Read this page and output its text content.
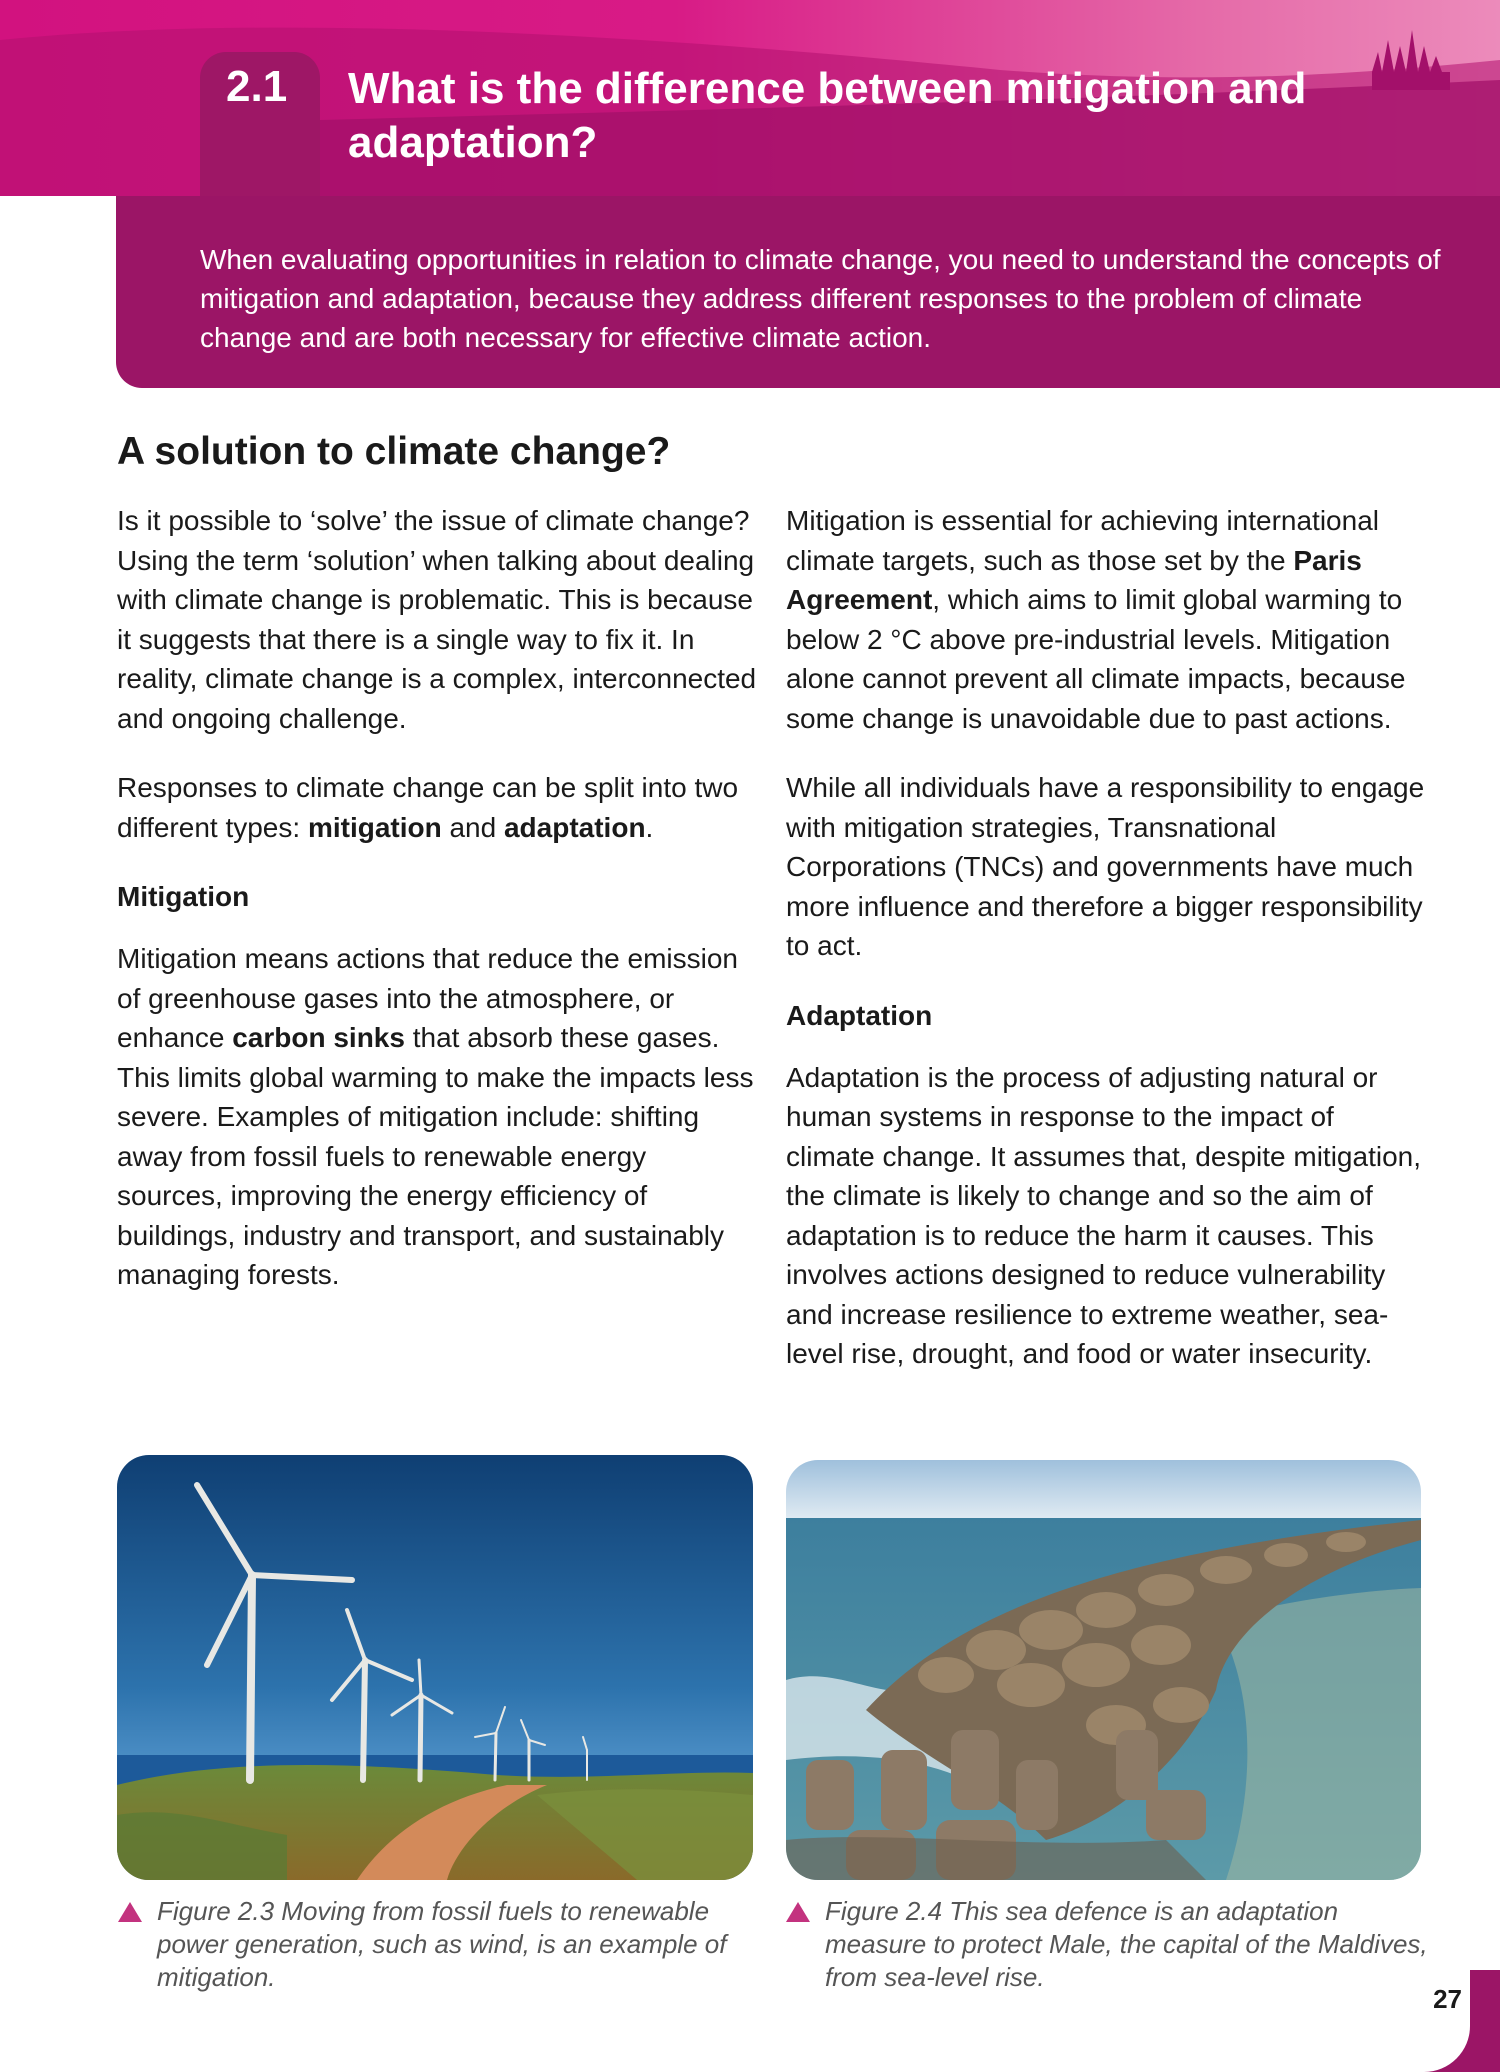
2.1 What is the difference between mitigation and adaptation?
When evaluating opportunities in relation to climate change, you need to understand the concepts of mitigation and adaptation, because they address different responses to the problem of climate change and are both necessary for effective climate action.
A solution to climate change?

Is it possible to ‘solve’ the issue of climate change? Using the term ‘solution’ when talking about dealing with climate change is problematic. This is because it suggests that there is a single way to fix it. In reality, climate change is a complex, interconnected and ongoing challenge.

Responses to climate change can be split into two different types: mitigation and adaptation.

Mitigation

Mitigation means actions that reduce the emission of greenhouse gases into the atmosphere, or enhance carbon sinks that absorb these gases. This limits global warming to make the impacts less severe. Examples of mitigation include: shifting away from fossil fuels to renewable energy sources, improving the energy efficiency of buildings, industry and transport, and sustainably managing forests.

Mitigation is essential for achieving international climate targets, such as those set by the Paris Agreement, which aims to limit global warming to below 2 °C above pre-industrial levels. Mitigation alone cannot prevent all climate impacts, because some change is unavoidable due to past actions.

While all individuals have a responsibility to engage with mitigation strategies, Transnational Corporations (TNCs) and governments have much more influence and therefore a bigger responsibility to act.

Adaptation

Adaptation is the process of adjusting natural or human systems in response to the impact of climate change. It assumes that, despite mitigation, the climate is likely to change and so the aim of adaptation is to reduce the harm it causes. This involves actions designed to reduce vulnerability and increase resilience to extreme weather, sea-level rise, drought, and food or water insecurity.

Figure 2.3 Moving from fossil fuels to renewable power generation, such as wind, is an example of mitigation.
Figure 2.4 This sea defence is an adaptation measure to protect Male, the capital of the Maldives, from sea-level rise.
27
